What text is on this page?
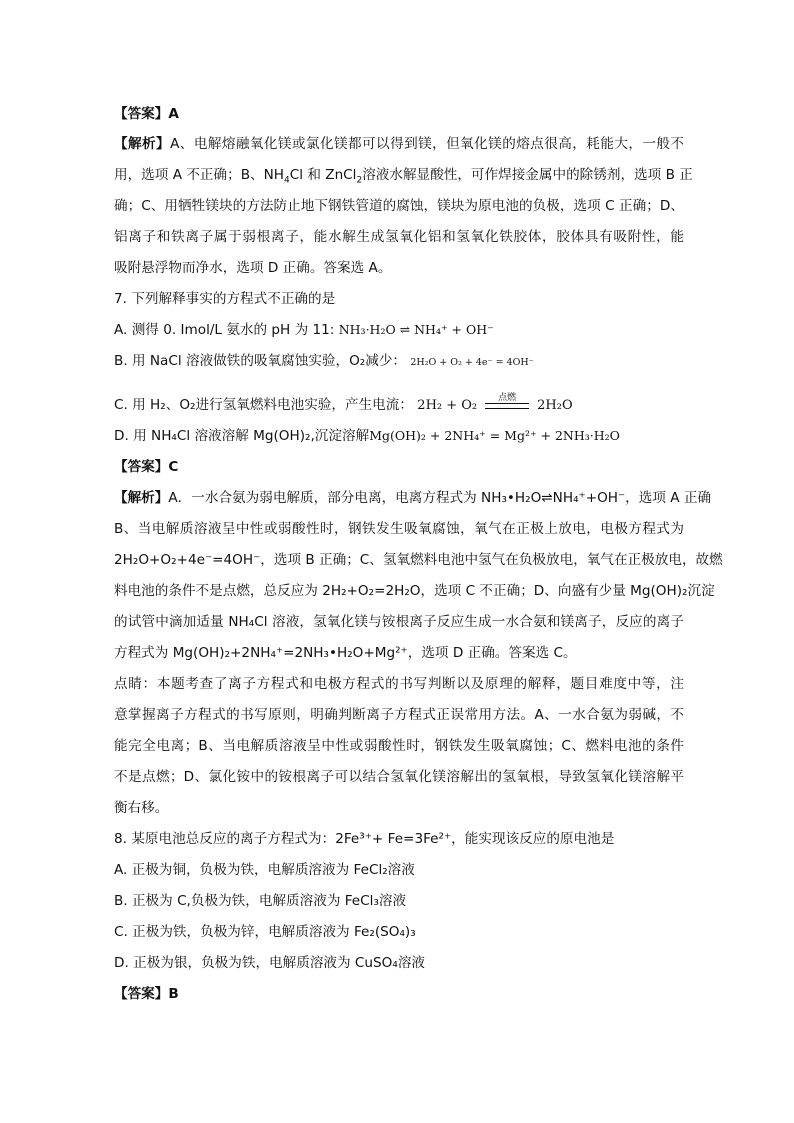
【答案】A
【解析】A、电解熔融氧化镁或氯化镁都可以得到镁，但氧化镁的熔点很高，耗能大，一般不
用，选项 A 不正确；B、$NH_4Cl$ 和 ZnCl$_2$溶液水解显酸性，可作焊接金属中的除锈剂，选项 B 正
确；C、用牺牲镁块的方法防止地下钢铁管道的腐蚀，镁块为原电池的负极，选项 C 正确；D、
铝离子和铁离子属于弱根离子，能水解生成氢氧化铝和氢氧化铁胶体，胶体具有吸附性，能
吸附悬浮物而净水，选项 D 正确。答案选 A。
7. 下列解释事实的方程式不正确的是
A. 测得 0. Imol/L 氨水的 pH 为 11: NH₃·H₂O ⇌ NH₄⁺ + OH⁻
B. 用 NaCl 溶液做铁的吸氧腐蚀实验，O₂减少： 2H₂O + O₂ + 4e⁻ = 4OH⁻
C. 用 H₂、O₂进行氢氧燃料电池实验，产生电流： 2H₂ + O₂
点燃
2H₂O
D. 用 NH₄Cl 溶液溶解 Mg(OH)₂,沉淀溶解Mg(OH)₂ + 2NH₄⁺ = Mg²⁺ + 2NH₃·H₂O
【答案】C
【解析】A．一水合氨为弱电解质，部分电离，电离方程式为 NH₃•H₂O⇌NH₄⁺+OH⁻，选项 A 正确
B、当电解质溶液呈中性或弱酸性时，钢铁发生吸氧腐蚀，氧气在正极上放电，电极方程式为
2H₂O+O₂+4e⁻=4OH⁻，选项 B 正确；C、氢氧燃料电池中氢气在负极放电，氧气在正极放电，故燃
料电池的条件不是点燃，总反应为 2H₂+O₂=2H₂O，选项 C 不正确；D、向盛有少量 Mg(OH)₂沉淀
的试管中滴加适量 NH₄Cl 溶液，氢氧化镁与铵根离子反应生成一水合氨和镁离子，反应的离子
方程式为 Mg(OH)₂+2NH₄⁺=2NH₃•H₂O+Mg²⁺，选项 D 正确。答案选 C。
点睛：本题考查了离子方程式和电极方程式的书写判断以及原理的解释，题目难度中等，注
意掌握离子方程式的书写原则，明确判断离子方程式正误常用方法。A、一水合氨为弱碱，不
能完全电离；B、当电解质溶液呈中性或弱酸性时，钢铁发生吸氧腐蚀；C、燃料电池的条件
不是点燃；D、氯化铵中的铵根离子可以结合氢氧化镁溶解出的氢氧根，导致氢氧化镁溶解平
衡右移。
8. 某原电池总反应的离子方程式为：2Fe³⁺+ Fe=3Fe²⁺，能实现该反应的原电池是
A. 正极为铜，负极为铁，电解质溶液为 FeCl₂溶液
B. 正极为 C,负极为铁，电解质溶液为 FeCl₃溶液
C. 正极为铁，负极为锌，电解质溶液为 Fe₂(SO₄)₃
D. 正极为银，负极为铁，电解质溶液为 CuSO₄溶液
【答案】B
